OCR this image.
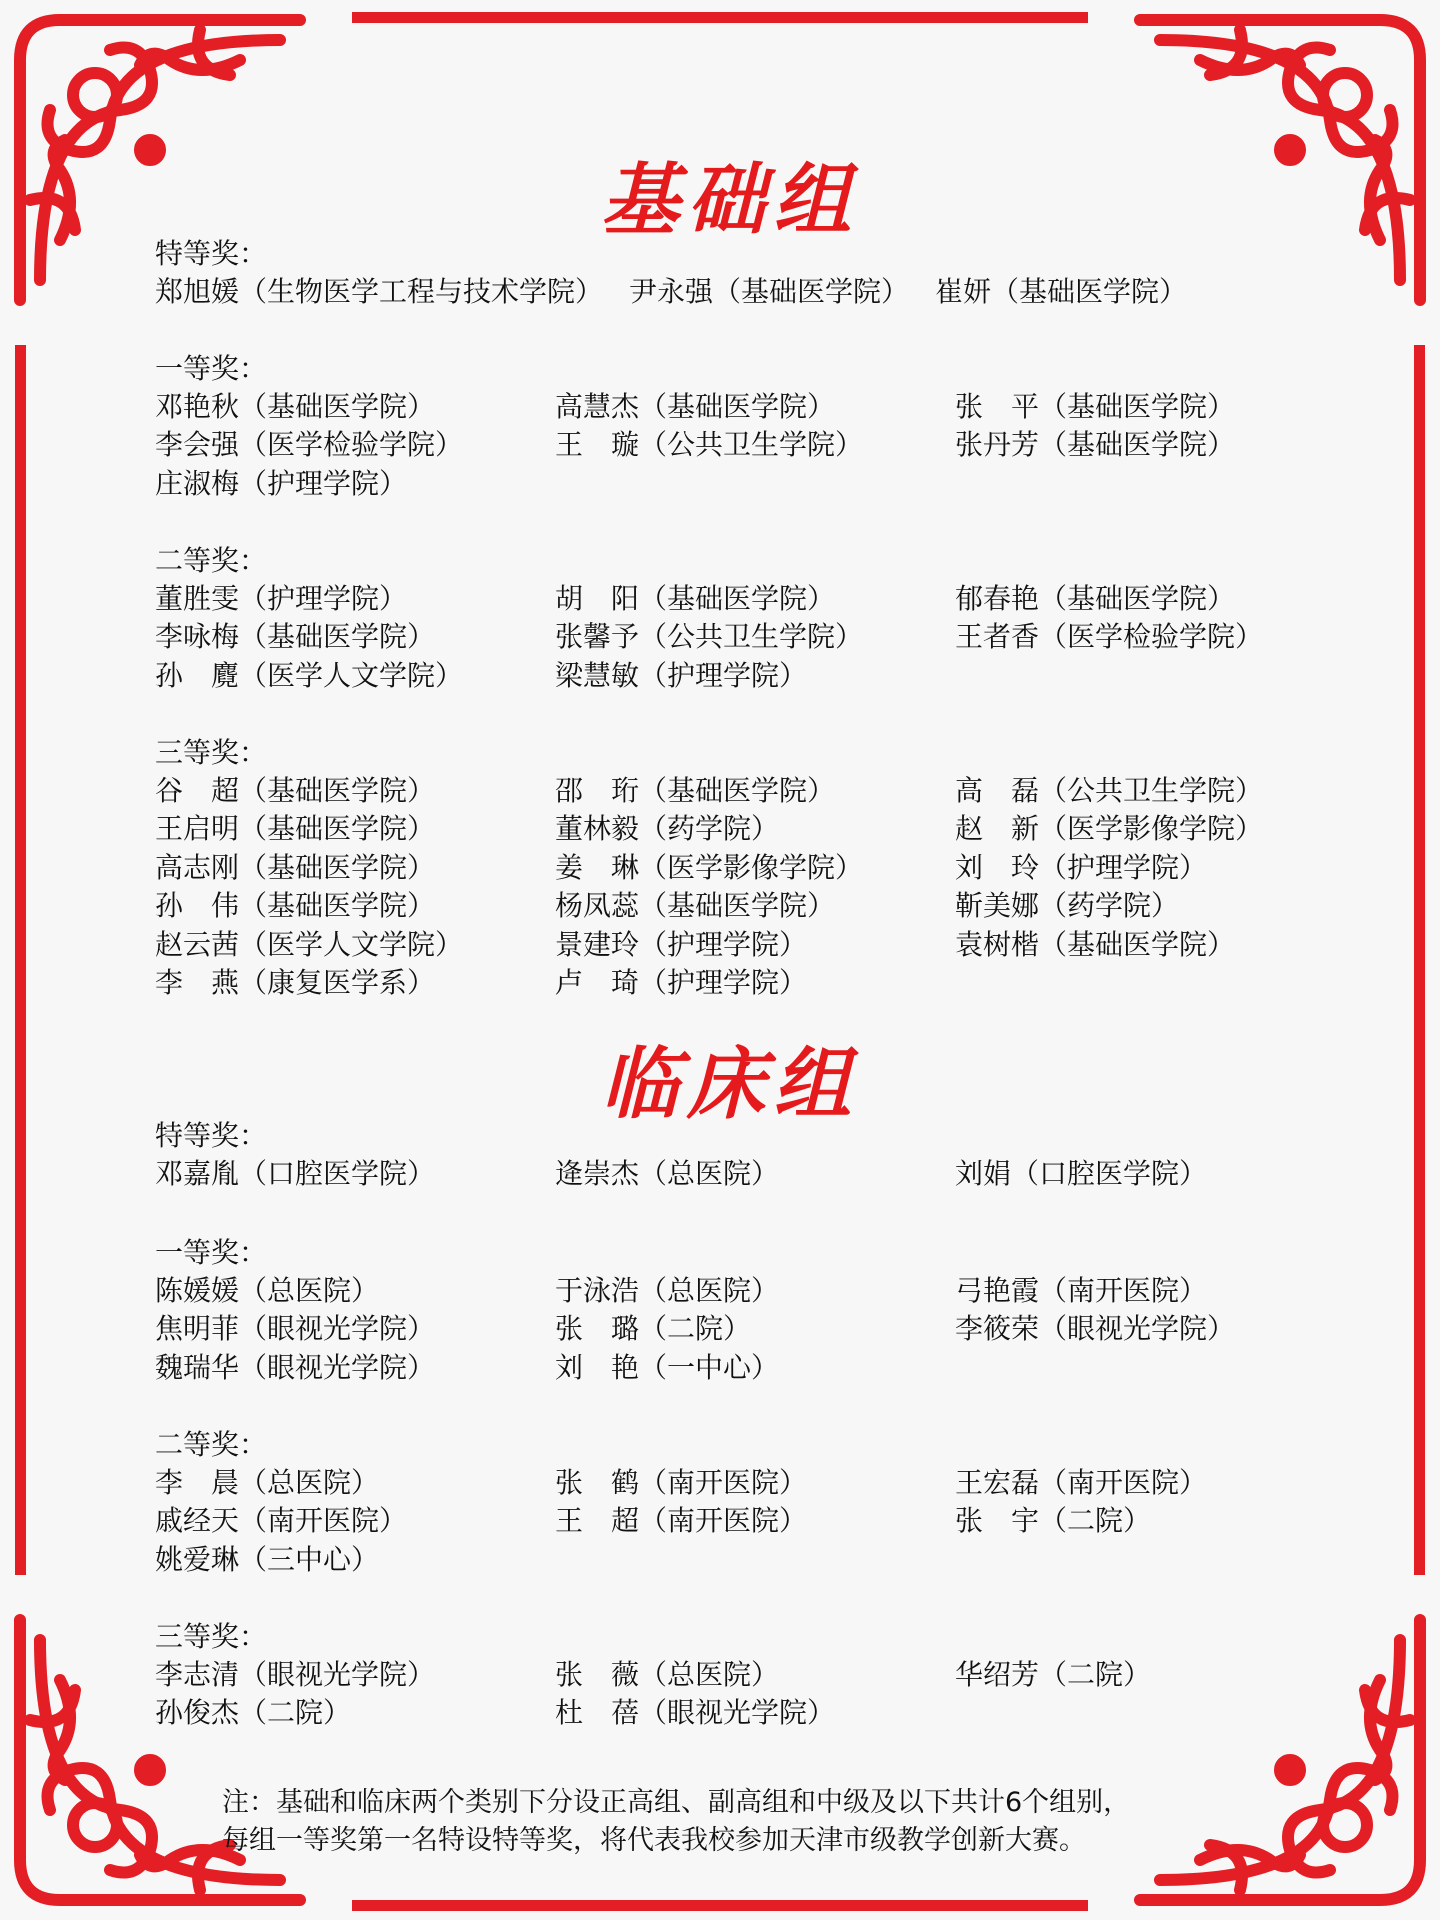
基础组
特等奖：
郑旭媛（生物医学工程与技术学院） 尹永强（基础医学院） 崔妍（基础医学院）
一等奖：
邓艳秋（基础医学院）	高慧杰（基础医学院）	张　平（基础医学院）
李会强（医学检验学院）	王　璇（公共卫生学院）	张丹芳（基础医学院）
庄淑梅（护理学院）
二等奖：
董胜雯（护理学院）	胡　阳（基础医学院）	郁春艳（基础医学院）
李咏梅（基础医学院）	张馨予（公共卫生学院）	王者香（医学检验学院）
孙　麑（医学人文学院）	梁慧敏（护理学院）
三等奖：
谷　超（基础医学院）	邵　珩（基础医学院）	高　磊（公共卫生学院）
王启明（基础医学院）	董林毅（药学院）	赵　新（医学影像学院）
高志刚（基础医学院）	姜　琳（医学影像学院）	刘　玲（护理学院）
孙　伟（基础医学院）	杨凤蕊（基础医学院）	靳美娜（药学院）
赵云茜（医学人文学院）	景建玲（护理学院）	袁树楷（基础医学院）
李　燕（康复医学系）	卢　琦（护理学院）
临床组
特等奖：
邓嘉胤（口腔医学院）	逄崇杰（总医院）	刘娟（口腔医学院）
一等奖：
陈媛媛（总医院）	于泳浩（总医院）	弓艳霞（南开医院）
焦明菲（眼视光学院）	张　璐（二院）	李筱荣（眼视光学院）
魏瑞华（眼视光学院）	刘　艳（一中心）
二等奖：
李　晨（总医院）	张　鹤（南开医院）	王宏磊（南开医院）
戚经天（南开医院）	王　超（南开医院）	张　宇（二院）
姚爱琳（三中心）
三等奖：
李志清（眼视光学院）	张　薇（总医院）	华绍芳（二院）
孙俊杰（二院）	杜　蓓（眼视光学院）
注：基础和临床两个类别下分设正高组、副高组和中级及以下共计6个组别，
每组一等奖第一名特设特等奖，将代表我校参加天津市级教学创新大赛。
